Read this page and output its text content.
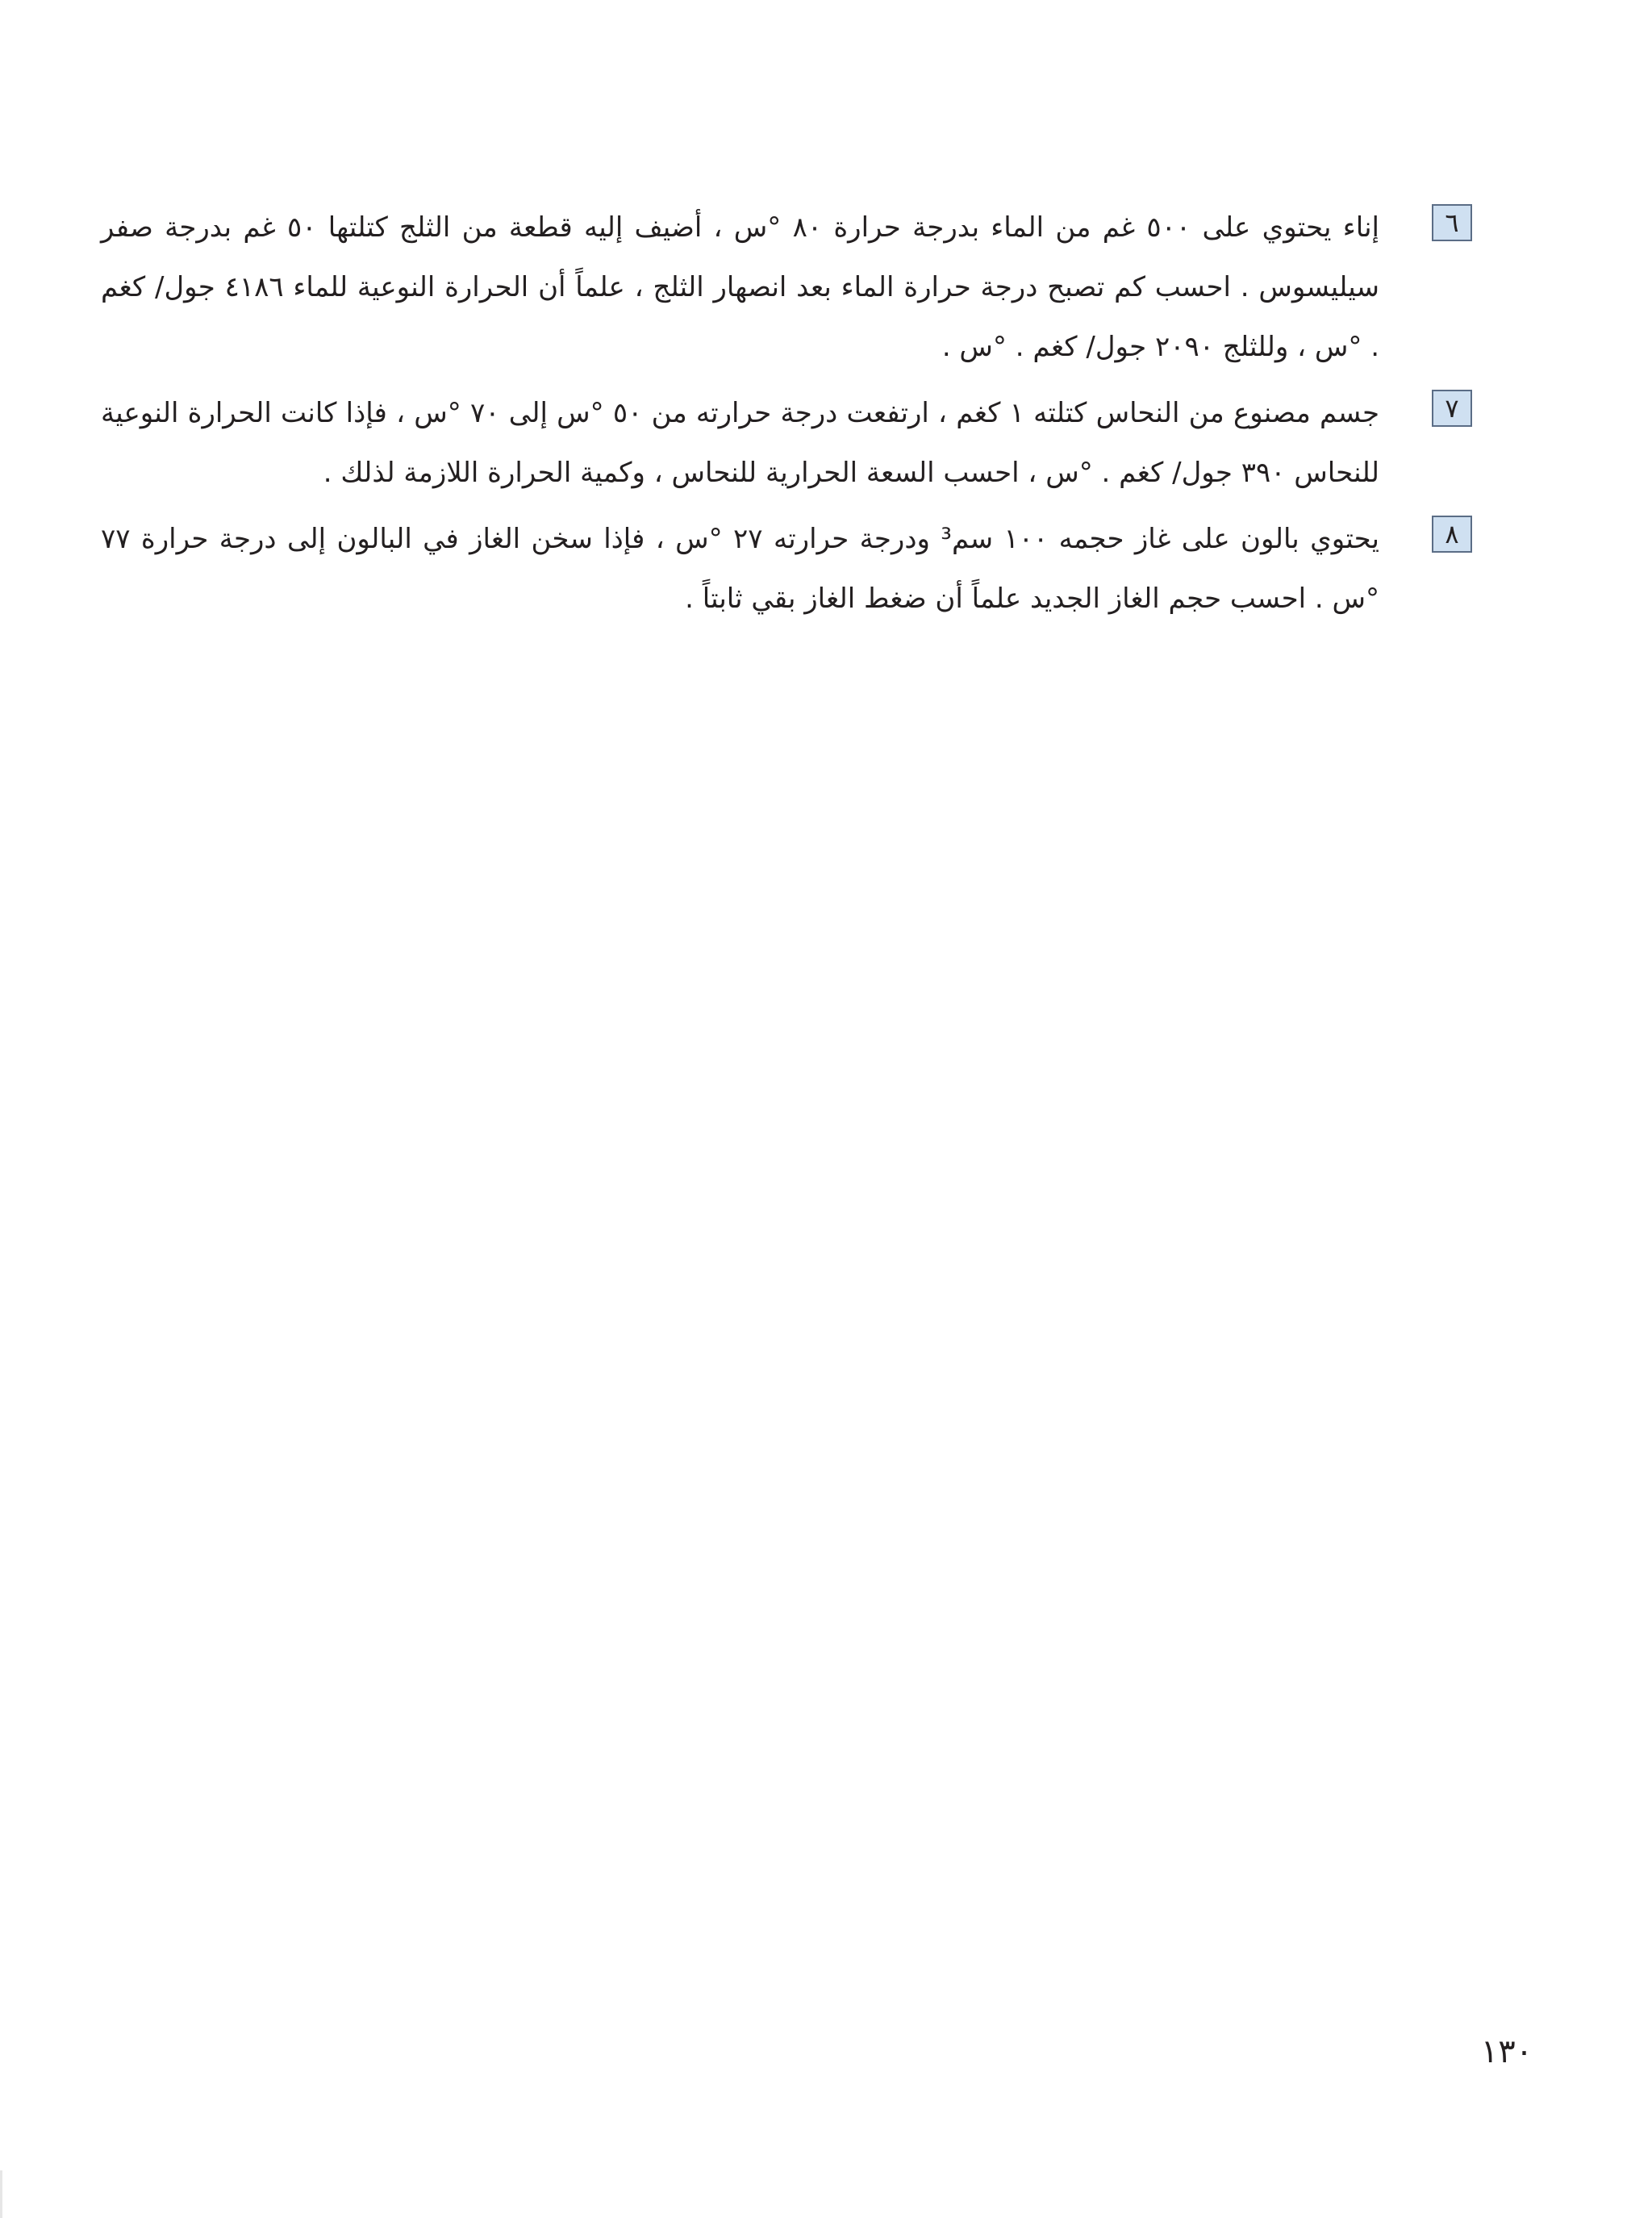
٦
إناء يحتوي على ٥٠٠ غم من الماء بدرجة حرارة ٨٠ °س ، أضيف إليه قطعة من الثلج كتلتها ٥٠ غم بدرجة صفر سيليسوس . احسب كم تصبح درجة حرارة الماء بعد انصهار الثلج ، علماً أن الحرارة النوعية للماء ٤١٨٦ جول/ كغم . °س ، وللثلج ٢٠٩٠ جول/ كغم . °س .
٧
جسم مصنوع من النحاس كتلته ١ كغم ، ارتفعت درجة حرارته من ٥٠ °س إلى ٧٠ °س ، فإذا كانت الحرارة النوعية للنحاس ٣٩٠ جول/ كغم . °س ، احسب السعة الحرارية للنحاس ، وكمية الحرارة اللازمة لذلك .
٨
يحتوي بالون على غاز حجمه ١٠٠ سم³ ودرجة حرارته ٢٧ °س ، فإذا سخن الغاز في البالون إلى درجة حرارة ٧٧ °س . احسب حجم الغاز الجديد علماً أن ضغط الغاز بقي ثابتاً .
١٣٠
